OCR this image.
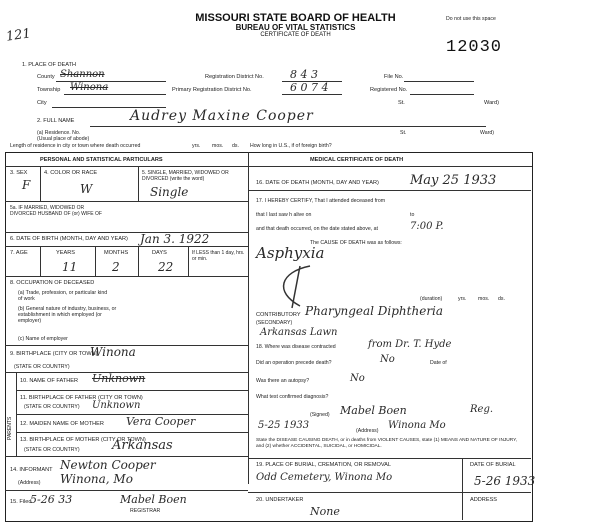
121
MISSOURI STATE BOARD OF HEALTH
BUREAU OF VITAL STATISTICS
CERTIFICATE OF DEATH
Do not use this space
12030
1. PLACE OF DEATH
County Shannon
Township Winona
City
Registration District No. 8 4 3
Primary Registration District No.	6 0 7 4
File No.
Registered No.
St.	Ward)
2. FULL NAME	Audrey Maxine Cooper
(a) Residence. No.
(Usual place of abode)
St.	Ward)
Length of residence in city or town where death occurred	yrs. mos. ds. How long in U.S., if of foreign birth?
PERSONAL AND STATISTICAL PARTICULARS
3. SEX
F
4. COLOR OR RACE
W
5. SINGLE, MARRIED, WIDOWED OR DIVORCED (write the word)
Single
5a. IF MARRIED, WIDOWED OR DIVORCED HUSBAND OF (or) WIFE OF
6. DATE OF BIRTH (MONTH, DAY AND YEAR) Jan 3. 1922
7. AGE	YEARS
11
MONTHS
2
DAYS
22
If LESS than 1 day, hrs. or min.
8. OCCUPATION OF DECEASED
(a) Trade, profession, or particular kind of work
(b) General nature of industry, business, or establishment in which employed (or employer)
(c) Name of employer
9. BIRTHPLACE (CITY OR TOWN)
Winona
(STATE OR COUNTRY)
PARENTS
10. NAME OF FATHER Unknown
11. BIRTHPLACE OF FATHER (CITY OR TOWN)
(STATE OR COUNTRY) Unknown
12. MAIDEN NAME OF MOTHER Vera Cooper
13. BIRTHPLACE OF MOTHER (CITY OR TOWN)
(STATE OR COUNTRY) Arkansas
14. INFORMANT Newton Cooper
(Address) Winona, Mo
15. Filed
5-26 33	Mabel Boen
REGISTRAR
MEDICAL CERTIFICATE OF DEATH
16. DATE OF DEATH (MONTH, DAY AND YEAR) May 25 1933
17. I HEREBY CERTIFY, That I attended deceased from
that I last saw h alive on	to
and that death occurred, on the date stated above, at	7:00 P.
The CAUSE OF DEATH was as follows:
Asphyxia
(duration)	yrs. mos. ds.
CONTRIBUTORY
(SECONDARY)
Pharyngeal Diphtheria
Arkansas Lawn
18. Where was disease contracted	from Dr. T. Hyde
Did an operation precede death?	No	Date of
Was there an autopsy?	No
What test confirmed diagnosis?
(Signed) Mabel Boen	Reg.
5-25 1933	(Address) Winona Mo
State the DISEASE CAUSING DEATH, or in deaths from VIOLENT CAUSES, state (1) MEANS AND NATURE OF INJURY, and (2) whether ACCIDENTAL, SUICIDAL, or HOMICIDAL.
19. PLACE OF BURIAL, CREMATION, OR REMOVAL
Odd Cemetery, Winona Mo
DATE OF BURIAL
5-26 1933
20. UNDERTAKER
None
ADDRESS
